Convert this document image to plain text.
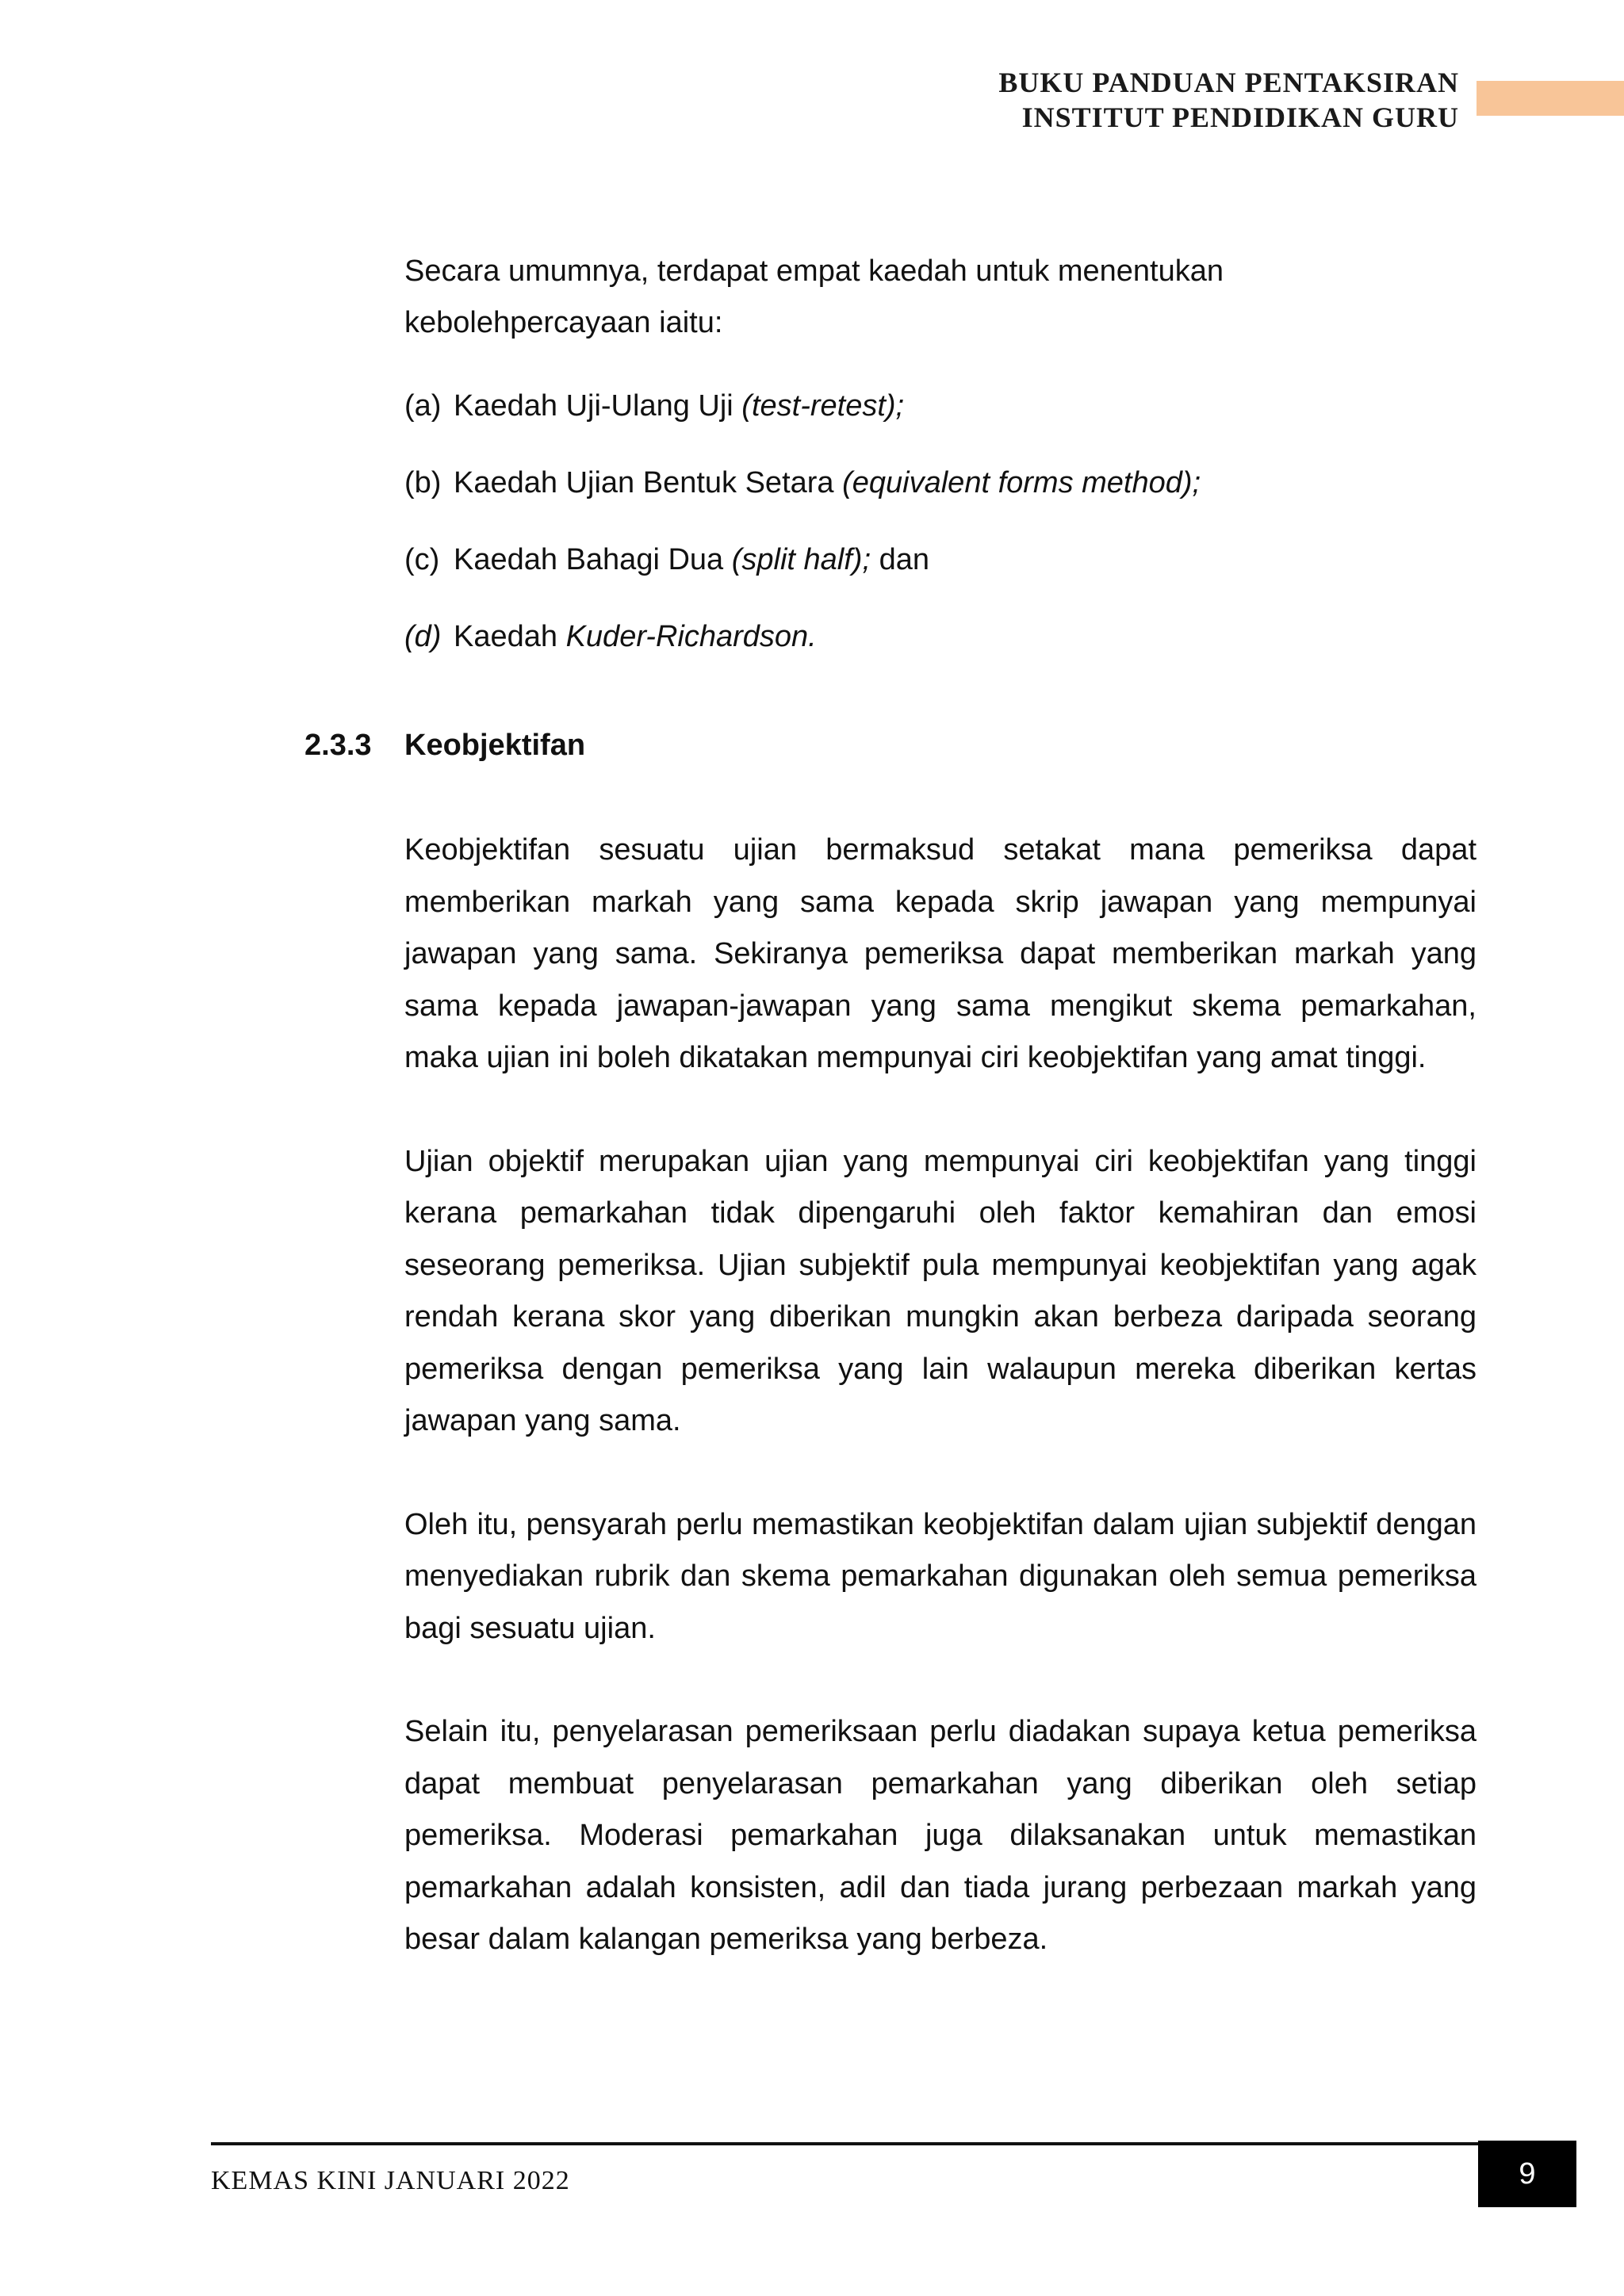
BUKU PANDUAN PENTAKSIRAN
INSTITUT PENDIDIKAN GURU

Secara umumnya, terdapat empat kaedah untuk menentukan kebolehpercayaan iaitu:

(a) Kaedah Uji-Ulang Uji (test-retest);
(b) Kaedah Ujian Bentuk Setara (equivalent forms method);
(c) Kaedah Bahagi Dua (split half); dan
(d) Kaedah Kuder-Richardson.
2.3.3	Keobjektifan

Keobjektifan sesuatu ujian bermaksud setakat mana pemeriksa dapat memberikan markah yang sama kepada skrip jawapan yang mempunyai jawapan yang sama. Sekiranya pemeriksa dapat memberikan markah yang sama kepada jawapan-jawapan yang sama mengikut skema pemarkahan, maka ujian ini boleh dikatakan mempunyai ciri keobjektifan yang amat tinggi.

Ujian objektif merupakan ujian yang mempunyai ciri keobjektifan yang tinggi kerana pemarkahan tidak dipengaruhi oleh faktor kemahiran dan emosi seseorang pemeriksa. Ujian subjektif pula mempunyai keobjektifan yang agak rendah kerana skor yang diberikan mungkin akan berbeza daripada seorang pemeriksa dengan pemeriksa yang lain walaupun mereka diberikan kertas jawapan yang sama.

Oleh itu, pensyarah perlu memastikan keobjektifan dalam ujian subjektif dengan menyediakan rubrik dan skema pemarkahan digunakan oleh semua pemeriksa bagi sesuatu ujian.

Selain itu, penyelarasan pemeriksaan perlu diadakan supaya ketua pemeriksa dapat membuat penyelarasan pemarkahan yang diberikan oleh setiap pemeriksa. Moderasi pemarkahan juga dilaksanakan untuk memastikan pemarkahan adalah konsisten, adil dan tiada jurang perbezaan markah yang besar dalam kalangan pemeriksa yang berbeza.

KEMAS KINI JANUARI 2022	9
